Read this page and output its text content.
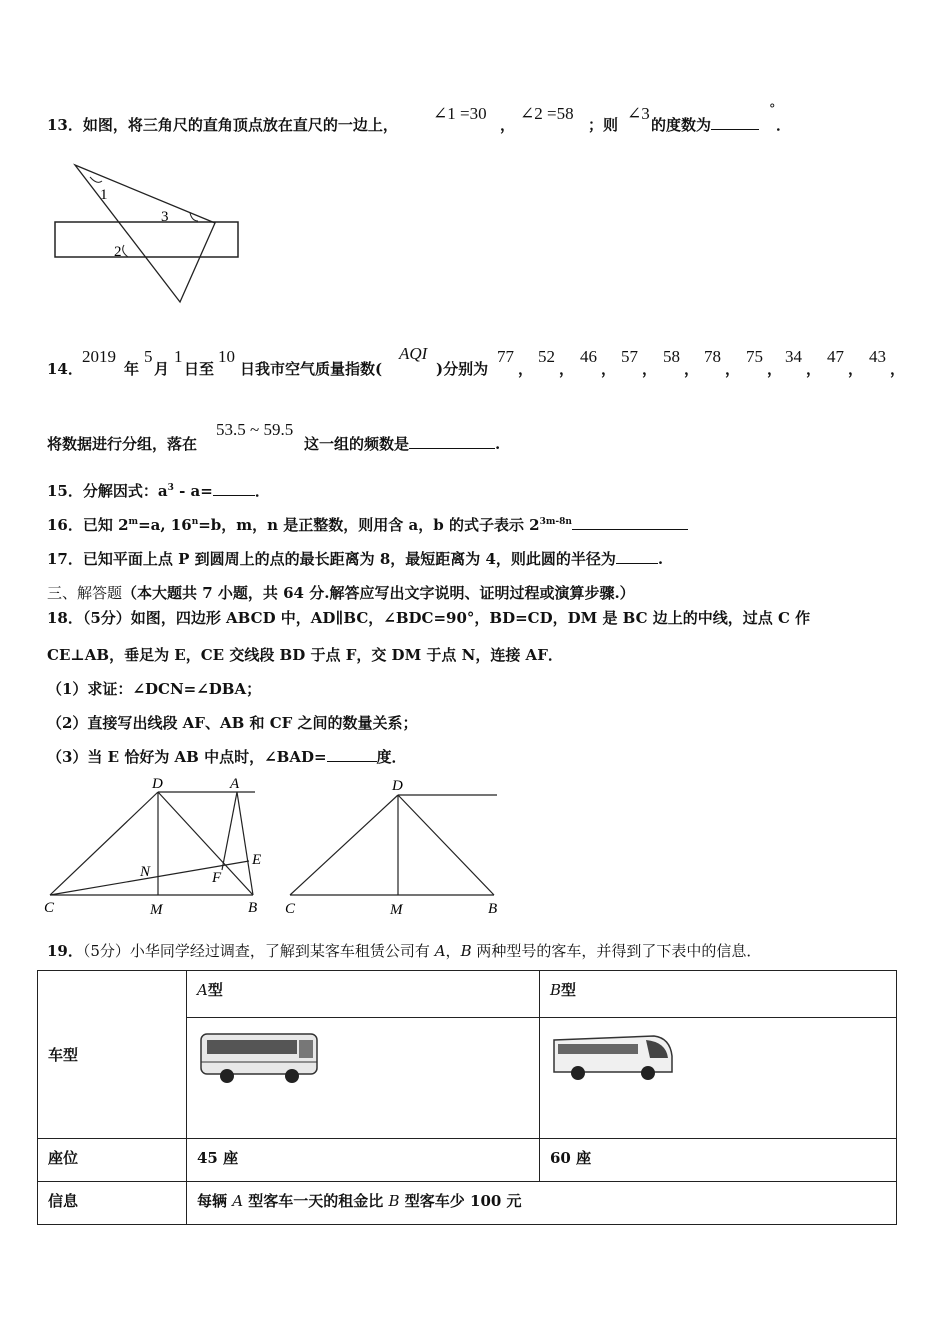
13．如图，将三角尺的直角顶点放在直尺的一边上，
∠1 =30
，
∠2 =58
；则
∠3
的度数为
°
．
1
3
2
14．
2019
年
5
月
1
日至
10
日我市空气质量指数(
AQI
)分别为
77
，
52
，
46
，
57
，
58
，
78
，
75
，
34
，
47
，
43
，
将数据进行分组，落在
53.5 ~ 59.5
这一组的频数是	.
15．分解因式：$a^3 - a=$	．
16．已知 $2^m=a$, $16^n=b$，m，n 是正整数，则用含 a，b 的式子表示 $2^{3m-8n}$
17．已知平面上点 P 到圆周上的点的最长距离为 8，最短距离为 4，则此圆的半径为	.
三、解答题（本大题共 7 小题，共 64 分.解答应写出文字说明、证明过程或演算步骤.）
18．（5分）如图，四边形 ABCD 中，AD∥BC，∠BDC=90°，BD=CD，DM 是 BC 边上的中线，过点 C 作
CE⊥AB，垂足为 E，CE 交线段 BD 于点 F，交 DM 于点 N，连接 AF．
（1）求证：∠DCN=∠DBA；
（2）直接写出线段 AF、AB 和 CF 之间的数量关系；
（3）当 E 恰好为 AB 中点时，∠BAD=	度．
D	A
E
N	F
C	M	B
D
C	M	B
19．（5分）小华同学经过调查，了解到某客车租赁公司有 A，B 两种型号的客车，并得到了下表中的信息．
车型	A型	B型

座位	45 座	60 座
信息	每辆 A 型客车一天的租金比 B 型客车少 100 元	
